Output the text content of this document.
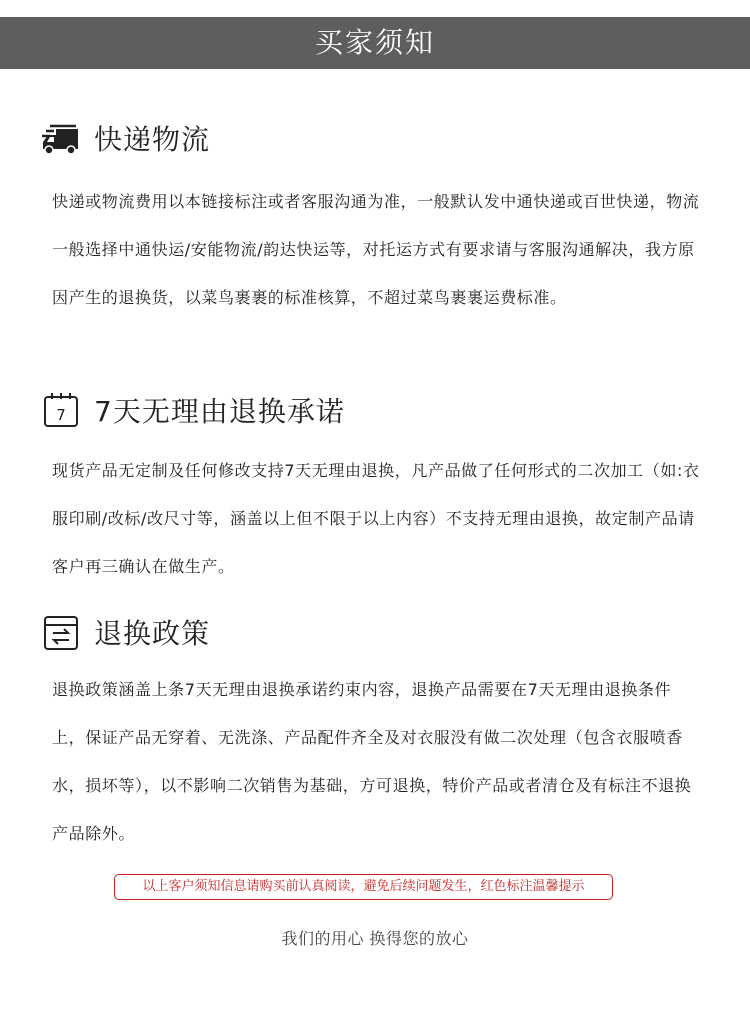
买家须知
快递物流

快递或物流费用以本链接标注或者客服沟通为准，一般默认发中通快递或百世快递，物流一般选择中通快运/安能物流/韵达快运等，对托运方式有要求请与客服沟通解决，我方原因产生的退换货，以菜鸟裹裹的标准核算，不超过菜鸟裹裹运费标准。

7 7天无理由退换承诺

现货产品无定制及任何修改支持7天无理由退换，凡产品做了任何形式的二次加工（如:衣服印刷/改标/改尺寸等，涵盖以上但不限于以上内容）不支持无理由退换，故定制产品请客户再三确认在做生产。

退换政策

退换政策涵盖上条7天无理由退换承诺约束内容，退换产品需要在7天无理由退换条件上，保证产品无穿着、无洗涤、产品配件齐全及对衣服没有做二次处理（包含衣服喷香水，损坏等），以不影响二次销售为基础，方可退换，特价产品或者清仓及有标注不退换产品除外。

以上客户须知信息请购买前认真阅读，避免后续问题发生，红色标注温馨提示
我们的用心 换得您的放心
